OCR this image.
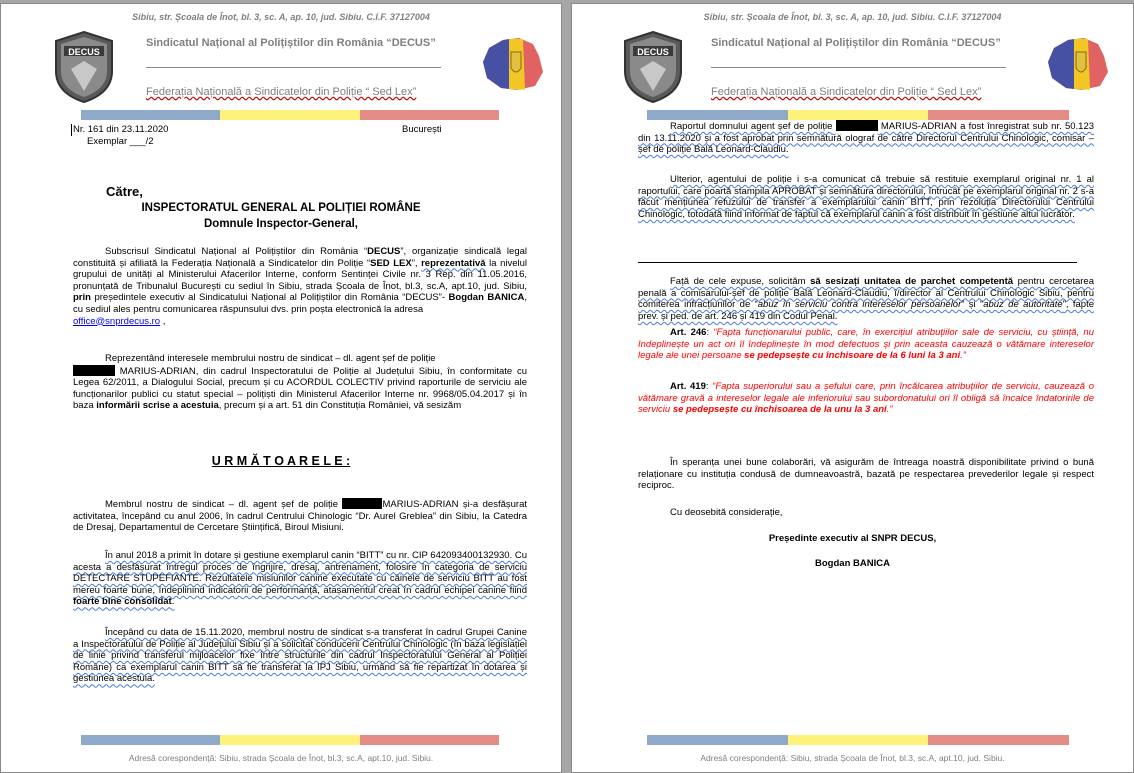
Sibiu, str. Școala de Înot, bl. 3, sc. A, ap. 10, jud. Sibiu. C.I.F. 37127004
DECUS
Sindicatul Național al Polițiștilor din România “DECUS”
Federația Națională a Sindicatelor din Poliție “ Sed Lex”
Nr. 161 din 23.11.2020	București
Exemplar ___/2
Către,
INSPECTORATUL GENERAL AL POLIȚIEI ROMÂNE
Domnule Inspector-General,
Subscrisul Sindicatul Național al Polițiștilor din România “DECUS”, organizație sindicală legal constituită și afiliată la Federația Națională a Sindicatelor din Poliție “SED LEX”, reprezentativă la nivelul grupului de unități al Ministerului Afacerilor Interne, conform Sentinței Civile nr. 3 Rep. din 11.05.2016, pronunțată de Tribunalul București cu sediul în Sibiu, strada Școala de Înot, bl.3, sc.A, apt.10, jud. Sibiu, prin președintele executiv al Sindicatului Național al Polițiștilor din România “DECUS”- Bogdan BANICA, cu sediul ales pentru comunicarea răspunsului dvs. prin poșta electronică la adresa
office@snprdecus.ro ,
Reprezentând interesele membrului nostru de sindicat – dl. agent șef de poliție
MARIUS-ADRIAN, din cadrul Inspectoratului de Poliție al Județului Sibiu, în conformitate cu Legea 62/2011, a Dialogului Social, precum și cu ACORDUL COLECTIV privind raporturile de serviciu ale funcționarilor publici cu statut special – polițiști din Ministerul Afacerilor Interne nr. 9968/05.04.2017 și în baza informării scrise a acestuia, precum și a art. 51 din Constituția României, vă sesizăm
U R M Ă T O A R E L E :
Membrul nostru de sindicat – dl. agent șef de poliție	MARIUS-ADRIAN și-a desfășurat activitatea, începând cu anul 2006, în cadrul Centrului Chinologic “Dr. Aurel Greblea” din Sibiu, la Catedra de Dresaj, Departamentul de Cercetare Științifică, Biroul Misiuni.
În anul 2018 a primit în dotare și gestiune exemplarul canin “BITT” cu nr. CIP 642093400132930. Cu acesta a desfășurat întregul proces de îngrijire, dresaj, antrenament, folosire în categoria de serviciu DETECTARE STUPEFIANTE. Rezultatele misiunilor canine executate cu câinele de serviciu BITT au fost mereu foarte bune, îndeplinind indicatorii de performanță, atașamentul creat în cadrul echipei canine fiind foarte bine consolidat.
Începând cu data de 15.11.2020, membrul nostru de sindicat s-a transferat în cadrul Grupei Canine a Inspectoratului de Poliție al Județului Sibiu și a solicitat conducerii Centrului Chinologic (în baza legislației de linie privind transferul mijloacelor fixe între structurile din cadrul Inspectoratului General al Poliției Române) ca exemplarul canin BITT să fie transferat la IPJ Sibiu, urmând să fie repartizat în dotarea și gestiunea acestuia.
Adresă corespondență: Sibiu, strada Școala de Înot, bl.3, sc.A, apt.10, jud. Sibiu.
Sibiu, str. Școala de Înot, bl. 3, sc. A, ap. 10, jud. Sibiu. C.I.F. 37127004
DECUS
Sindicatul Național al Polițiștilor din România “DECUS”
Federația Națională a Sindicatelor din Poliție “ Sed Lex”
Raportul domnului agent șef de poliție	MARIUS-ADRIAN a fost înregistrat sub nr. 50.123 din 13.11.2020 și a fost aprobat prin semnătură olograf de către Directorul Centrului Chinologic, comisar – șef de poliție Bală Leonard-Claudiu.
Ulterior, agentului de poliție i s-a comunicat că trebuie să restituie exemplarul original nr. 1 al raportului, care poartă stampila APROBAT și semnătura directorului, întrucât pe exemplarul original nr. 2 s-a făcut mențiunea refuzului de transfer a exemplarului canin BITT, prin rezoluția Directorului Centrului Chinologic, totodată fiind informat de faptul că exemplarul canin a fost distribuit în gestiune altui lucrător.
Față de cele expuse, solicităm să sesizați unitatea de parchet competentă pentru cercetarea penală a comisarului-șef de poliție Bală Leonard-Claudiu, î/director al Centrului Chinologic Sibiu, pentru comiterea infracțiunilor de “abuz în serviciu contra intereselor persoanelor” și “abuz de autoritate”, fapte prev. și ped. de art. 246 și 419 din Codul Penal.
Art. 246: “Fapta funcționarului public, care, în exercițiul atribuțiilor sale de serviciu, cu știință, nu îndeplinește un act ori îl îndeplinește în mod defectuos și prin aceasta cauzează o vătămare intereselor legale ale unei persoane se pedepsește cu închisoare de la 6 luni la 3 ani.”
Art. 419: “Fapta superiorului sau a șefului care, prin încălcarea atribuțiilor de serviciu, cauzează o vătămare gravă a intereselor legale ale inferiorului sau subordonatului ori îl obligă să încalce îndatoririle de serviciu se pedepsește cu închisoarea de la unu la 3 ani.”
În speranța unei bune colaborări, vă asigurăm de întreaga noastră disponibilitate privind o bună relaționare cu instituția condusă de dumneavoastră, bazată pe respectarea prevederilor legale și respect reciproc.
Cu deosebită considerație,
Președinte executiv al SNPR DECUS,
Bogdan BANICA
Adresă corespondență: Sibiu, strada Școala de Înot, bl.3, sc.A, apt.10, jud. Sibiu.
